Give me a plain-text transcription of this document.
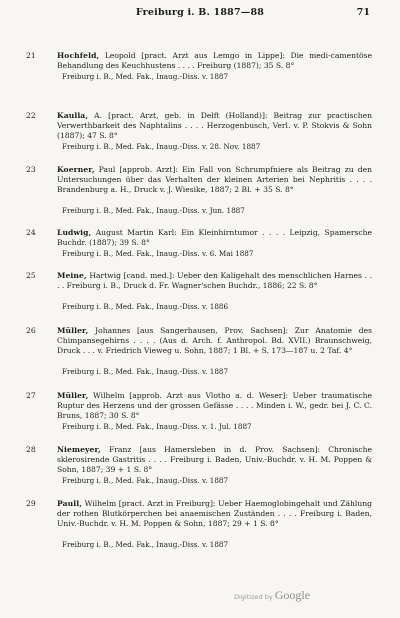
Freiburg i. B. 1887—88	71
21	Hochfeld, Leopold [pract. Arzt aus Lemgo in Lippe]: Die medi-camentöse Behandlung des Keuchhustens . . . . Freiburg (1887); 35 S. 8°
Freiburg i. B., Med. Fak., Inaug.-Diss. v. 1887
22	Kaulla, A. [pract. Arzt, geb. in Delft (Holland)]: Beitrag zur practischen Verwerthbarkeit des Naphtalins . . . . Herzogenbusch, Verl. v. P. Stokvis & Sohn (1887); 47 S. 8°
Freiburg i. B., Med. Fak., Inaug.-Diss. v. 28. Nov. 1887
23	Koerner, Paul [approb. Arzt]: Ein Fall von Schrumpfniere als Beitrag zu den Untersuchungen über das Verhalten der kleinen Arterien bei Nephritis . . . . Brandenburg a. H., Druck v. J. Wiesike, 1887; 2 Bl. + 35 S. 8°
Freiburg i. B., Med. Fak., Inaug.-Diss. v. Jun. 1887
24	Ludwig, August Martin Karl: Ein Kleinhirntumor . . . . Leipzig, Spamersche Buchdr. (1887); 39 S. 8°
Freiburg i. B., Med. Fak., Inaug.-Diss. v. 6. Mai 1887
25	Meine, Hartwig [cand. med.]: Ueber den Kaligehalt des menschlichen Harnes . . . . Freiburg i. B., Druck d. Fr. Wagner'schen Buchdr., 1886; 22 S. 8°
Freiburg i. B., Med. Fak., Inaug.-Diss. v. 1886
26	Müller, Johannes [aus Sangerhausen, Prov. Sachsen]: Zur Anatomie des Chimpansegehirns . . . . (Aus d. Arch. f. Anthropol. Bd. XVII.) Braunschweig, Druck . . . v. Friedrich Vieweg u. Sohn, 1887; 1 Bl. + S. 173—187 u. 2 Taf. 4°
Freiburg i. B., Med. Fak., Inaug.-Diss. v. 1887
27	Müller, Wilhelm [approb. Arzt aus Vlotho a. d. Weser]: Ueber traumatische Ruptur des Herzens und der grossen Gefässe . . . . Minden i. W., gedr. bei J. C. C. Bruns, 1887; 30 S. 8°
Freiburg i. B., Med. Fak., Inaug.-Diss. v. 1. Jul. 1887
28	Niemeyer, Franz [aus Hamersleben in d. Prov. Sachsen]: Chronische sklerosirende Gastritis . . . . Freiburg i. Baden, Univ.-Buchdr. v. H. M. Poppen & Sohn, 1887; 39 + 1 S. 8°
Freiburg i. B., Med. Fak., Inaug.-Diss. v. 1887
29	Paull, Wilhelm [pract. Arzt in Freiburg]: Ueber Haemoglobingehalt und Zählung der rothen Blutkörperchen bei anaemischen Zuständen . . . . Freiburg i. Baden, Univ.-Buchdr. v. H. M. Poppen & Sohn, 1887; 29 + 1 S. 8°
Freiburg i. B., Med. Fak., Inaug.-Diss. v. 1887
Digitized by Google
